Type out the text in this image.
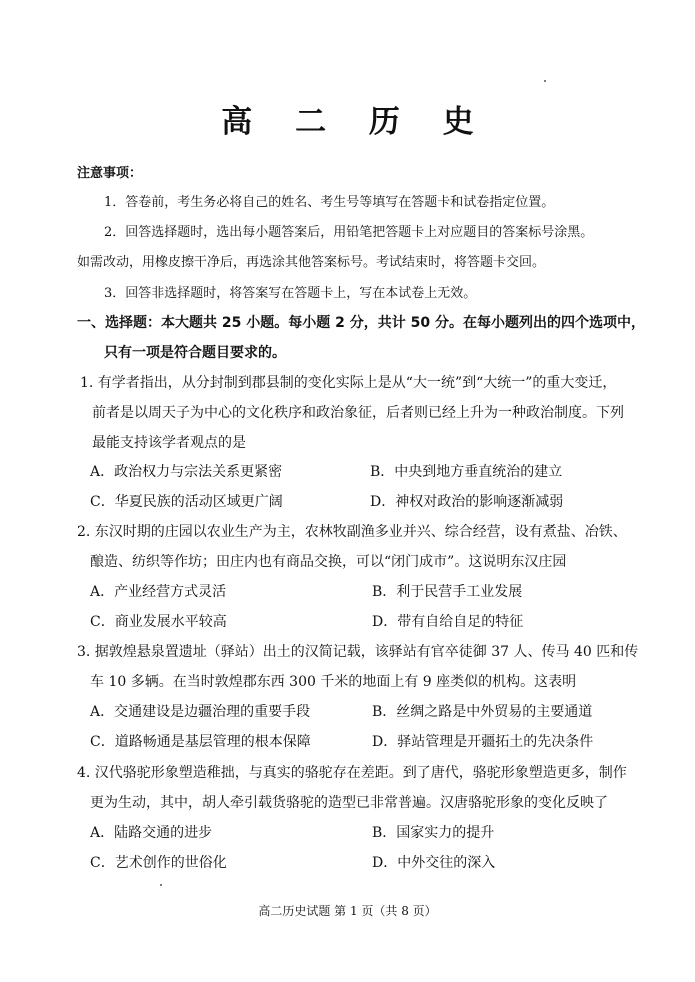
高 二 历 史
注意事项：
1．答卷前，考生务必将自己的姓名、考生号等填写在答题卡和试卷指定位置。
2．回答选择题时，选出每小题答案后，用铅笔把答题卡上对应题目的答案标号涂黑。
如需改动，用橡皮擦干净后，再选涂其他答案标号。考试结束时，将答题卡交回。
3．回答非选择题时，将答案写在答题卡上，写在本试卷上无效。
一、选择题：本大题共 25 小题。每小题 2 分，共计 50 分。在每小题列出的四个选项中，
只有一项是符合题目要求的。
1. 有学者指出，从分封制到郡县制的变化实际上是从“大一统”到“大统一”的重大变迁，
前者是以周天子为中心的文化秩序和政治象征，后者则已经上升为一种政治制度。下列
最能支持该学者观点的是
A．政治权力与宗法关系更紧密	B．中央到地方垂直统治的建立
C．华夏民族的活动区域更广阔	D．神权对政治的影响逐渐减弱
2. 东汉时期的庄园以农业生产为主，农林牧副渔多业并兴、综合经营，设有煮盐、冶铁、
酿造、纺织等作坊；田庄内也有商品交换，可以“闭门成市”。这说明东汉庄园
A．产业经营方式灵活	B．利于民营手工业发展
C．商业发展水平较高	D．带有自给自足的特征
3. 据敦煌悬泉置遗址（驿站）出土的汉简记载，该驿站有官卒徒御 37 人、传马 40 匹和传
车 10 多辆。在当时敦煌郡东西 300 千米的地面上有 9 座类似的机构。这表明
A．交通建设是边疆治理的重要手段	B．丝绸之路是中外贸易的主要通道
C．道路畅通是基层管理的根本保障	D．驿站管理是开疆拓土的先决条件
4. 汉代骆驼形象塑造稚拙，与真实的骆驼存在差距。到了唐代，骆驼形象塑造更多，制作
更为生动，其中，胡人牵引载货骆驼的造型已非常普遍。汉唐骆驼形象的变化反映了
A．陆路交通的进步	B．国家实力的提升
C．艺术创作的世俗化	D．中外交往的深入
高二历史试题 第 1 页（共 8 页）
